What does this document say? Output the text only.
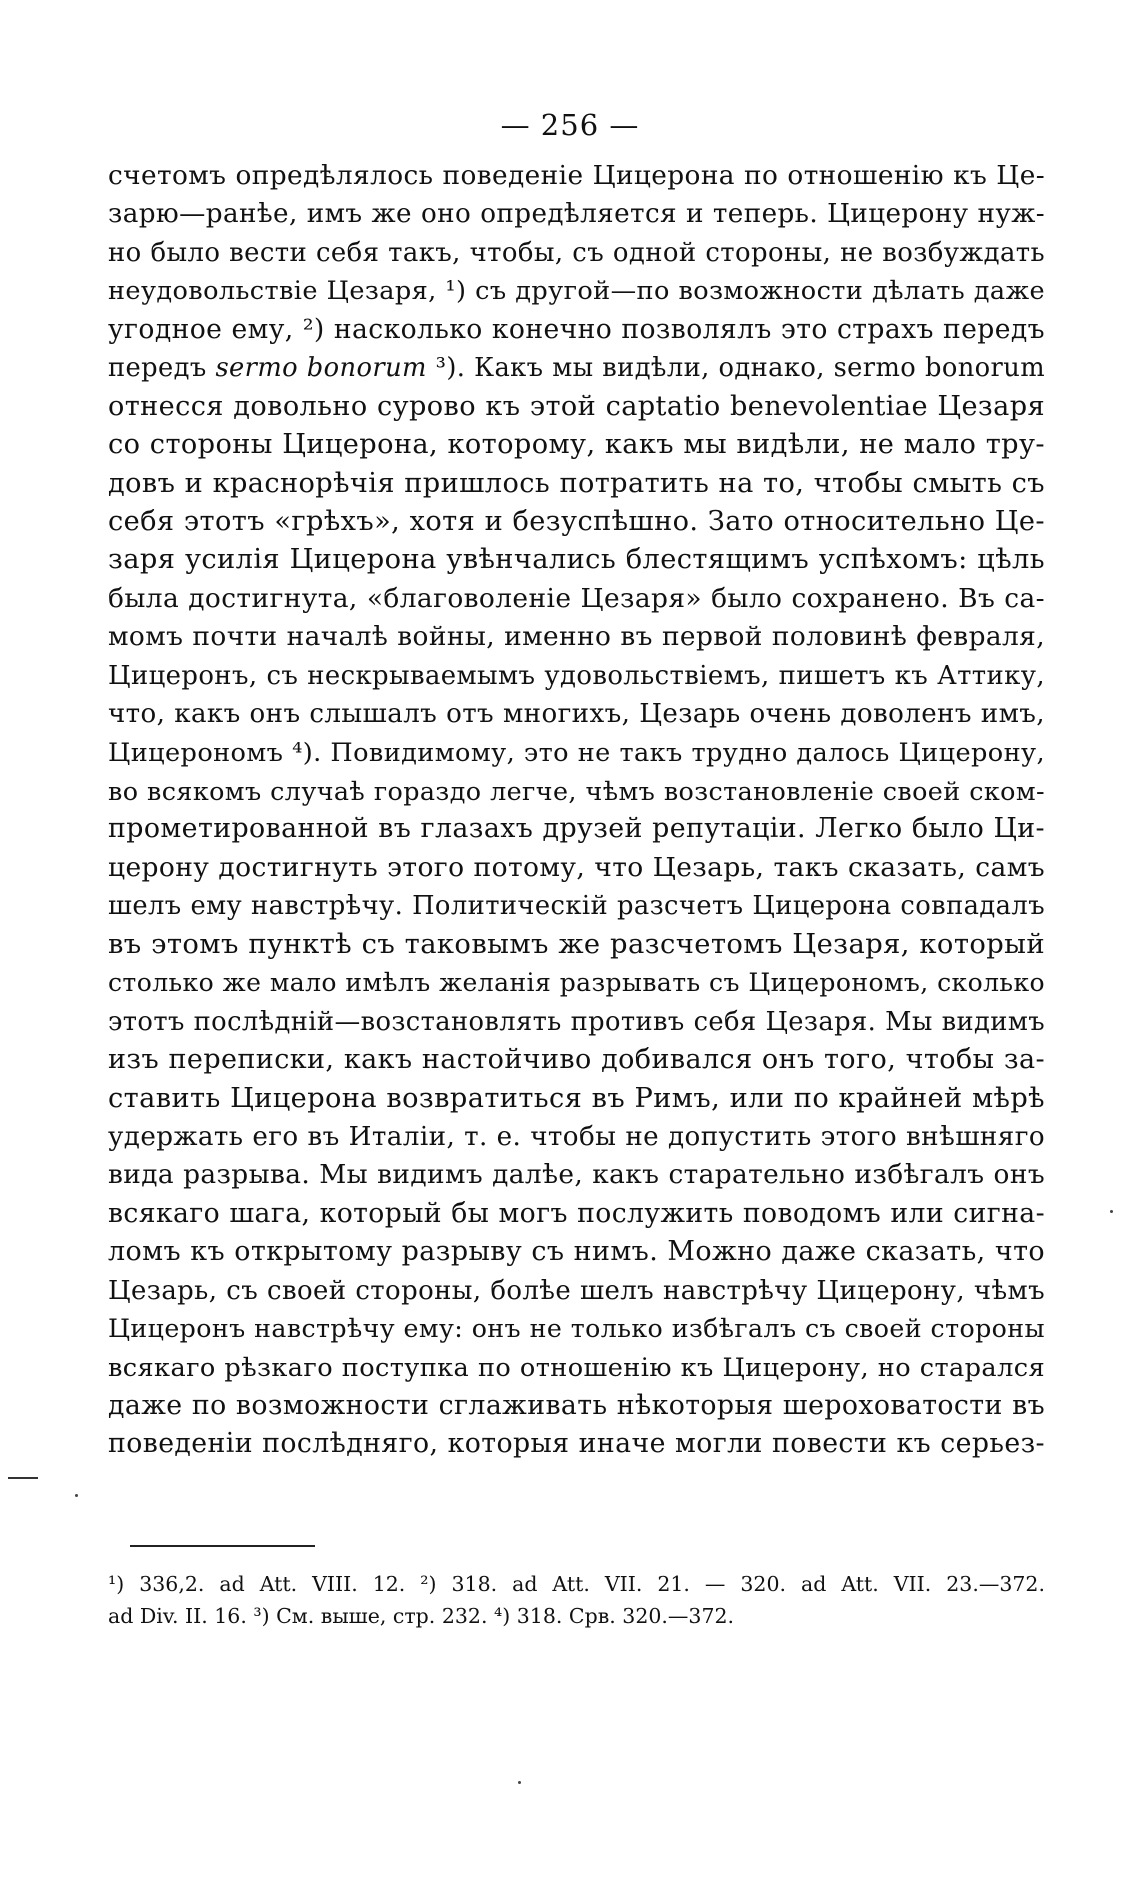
— 256 —
счетомъ опредѣлялось поведеніе Цицерона по отношенію къ Це-
зарю—ранѣе, имъ же оно опредѣляется и теперь. Цицерону нуж-
но было вести себя такъ, чтобы, съ одной стороны, не возбуждать
неудовольствіе Цезаря, ¹) съ другой—по возможности дѣлать даже
угодное ему, ²) насколько конечно позволялъ это страхъ передъ
передъ sermo bonorum ³). Какъ мы видѣли, однако, sermo bonorum
отнесся довольно сурово къ этой captatio benevolentiae Цезаря
со стороны Цицерона, которому, какъ мы видѣли, не мало тру-
довъ и краснорѣчія пришлось потратить на то, чтобы смыть съ
себя этотъ «грѣхъ», хотя и безуспѣшно. Зато относительно Це-
заря усилія Цицерона увѣнчались блестящимъ успѣхомъ: цѣль
была достигнута, «благоволеніе Цезаря» было сохранено. Въ са-
момъ почти началѣ войны, именно въ первой половинѣ февраля,
Цицеронъ, съ нескрываемымъ удовольствіемъ, пишетъ къ Аттику,
что, какъ онъ слышалъ отъ многихъ, Цезарь очень доволенъ имъ,
Цицерономъ ⁴). Повидимому, это не такъ трудно далось Цицерону,
во всякомъ случаѣ гораздо легче, чѣмъ возстановленіе своей ском-
прометированной въ глазахъ друзей репутаціи. Легко было Ци-
церону достигнуть этого потому, что Цезарь, такъ сказать, самъ
шелъ ему навстрѣчу. Политическій разсчетъ Цицерона совпадалъ
въ этомъ пунктѣ съ таковымъ же разсчетомъ Цезаря, который
столько же мало имѣлъ желанія разрывать съ Цицерономъ, сколько
этотъ послѣдній—возстановлять противъ себя Цезаря. Мы видимъ
изъ переписки, какъ настойчиво добивался онъ того, чтобы за-
ставить Цицерона возвратиться въ Римъ, или по крайней мѣрѣ
удержать его въ Италіи, т. е. чтобы не допустить этого внѣшняго
вида разрыва. Мы видимъ далѣе, какъ старательно избѣгалъ онъ
всякаго шага, который бы могъ послужить поводомъ или сигна-
ломъ къ открытому разрыву съ нимъ. Можно даже сказать, что
Цезарь, съ своей стороны, болѣе шелъ навстрѣчу Цицерону, чѣмъ
Цицеронъ навстрѣчу ему: онъ не только избѣгалъ съ своей стороны
всякаго рѣзкаго поступка по отношенію къ Цицерону, но старался
даже по возможности сглаживать нѣкоторыя шероховатости въ
поведеніи послѣдняго, которыя иначе могли повести къ серьез-
¹) 336,2. ad Att. VIII. 12. ²) 318. ad Att. VII. 21. — 320. ad Att. VII. 23.—372.
ad Div. II. 16. ³) См. выше, стр. 232. ⁴) 318. Срв. 320.—372.
